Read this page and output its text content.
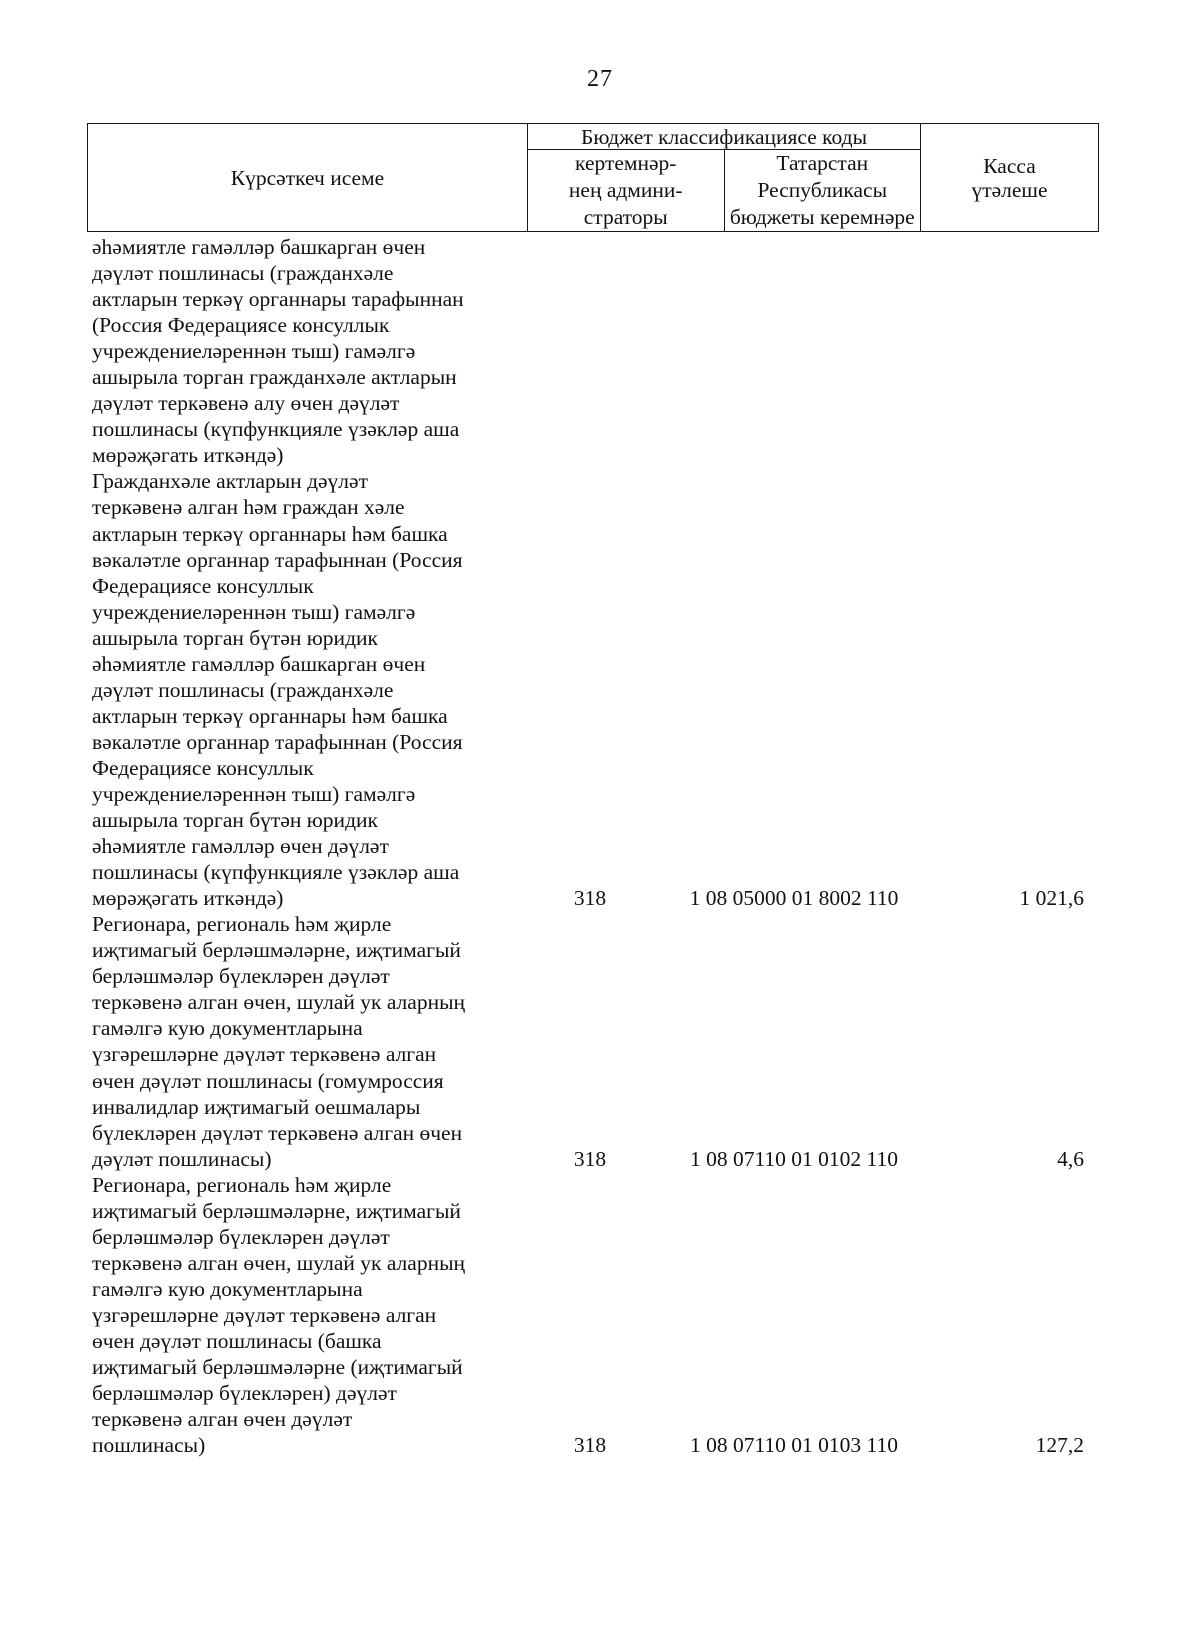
27
Күрсәткеч исеме	Бюджет классификациясе коды		Касса
үтәлеше
	кертемнәр-
нең админи-
страторы	Татарстан
Республикасы
бюджеты керемнәре	
әһәмиятле гамәлләр башкарган өчен
дәүләт пошлинасы (гражданхәле
актларын теркәү органнары тарафыннан
(Россия Федерациясе консуллык
учреждениеләреннән тыш) гамәлгә
ашырыла торган гражданхәле актларын
дәүләт теркәвенә алу өчен дәүләт
пошлинасы (күпфункцияле үзәкләр аша
мөрәҗәгать иткәндә)
Гражданхәле актларын дәүләт
теркәвенә алган һәм граждан хәле
актларын теркәү органнары һәм башка
вәкаләтле органнар тарафыннан (Россия
Федерациясе консуллык
учреждениеләреннән тыш) гамәлгә
ашырыла торган бүтән юридик
әһәмиятле гамәлләр башкарган өчен
дәүләт пошлинасы (гражданхәле
актларын теркәү органнары һәм башка
вәкаләтле органнар тарафыннан (Россия
Федерациясе консуллык
учреждениеләреннән тыш) гамәлгә
ашырыла торган бүтән юридик
әһәмиятле гамәлләр өчен дәүләт
пошлинасы (күпфункцияле үзәкләр аша
мөрәҗәгать иткәндә)	318	1 08 05000 01 8002 110	1 021,6
Регионара, региональ һәм җирле
иҗтимагый берләшмәләрне, иҗтимагый
берләшмәләр бүлекләрен дәүләт
теркәвенә алган өчен, шулай ук аларның
гамәлгә кую документларына
үзгәрешләрне дәүләт теркәвенә алган
өчен дәүләт пошлинасы (гомумроссия
инвалидлар иҗтимагый оешмалары
бүлекләрен дәүләт теркәвенә алган өчен
дәүләт пошлинасы)	318	1 08 07110 01 0102 110	4,6
Регионара, региональ һәм җирле
иҗтимагый берләшмәләрне, иҗтимагый
берләшмәләр бүлекләрен дәүләт
теркәвенә алган өчен, шулай ук аларның
гамәлгә кую документларына
үзгәрешләрне дәүләт теркәвенә алган
өчен дәүләт пошлинасы (башка
иҗтимагый берләшмәләрне (иҗтимагый
берләшмәләр бүлекләрен) дәүләт
теркәвенә алган өчен дәүләт
пошлинасы)	318	1 08 07110 01 0103 110	127,2
